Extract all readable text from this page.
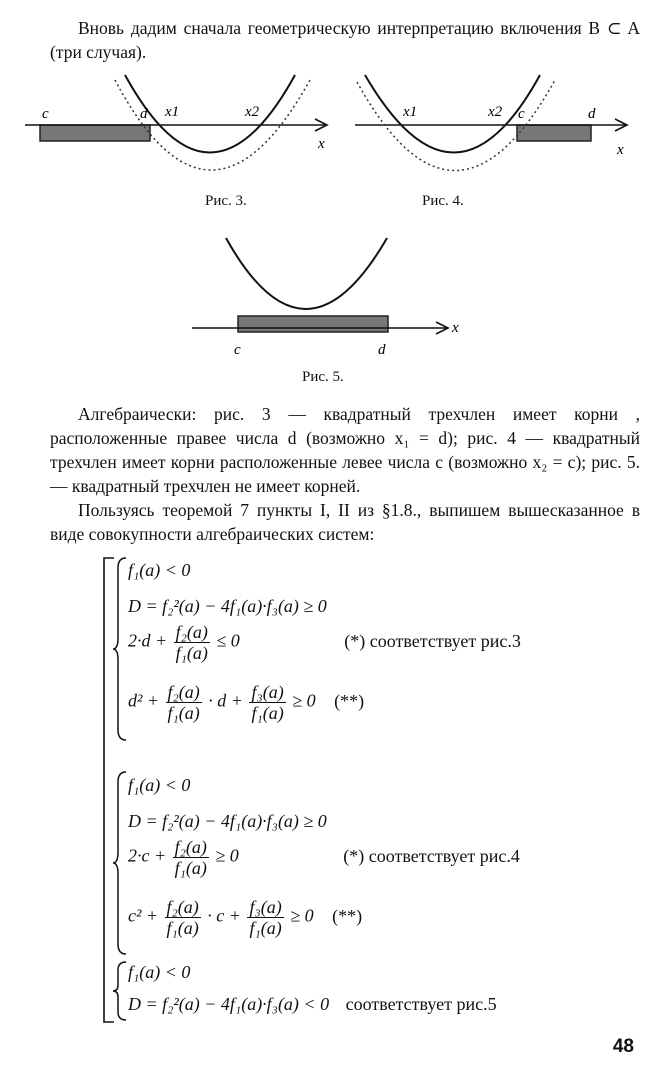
Вновь дадим сначала геометрическую интерпретацию включения B ⊂ A (три случая).

c	d x1	x2
x
Рис. 3.
x1	x2 c	d
x
Рис. 4.
c	d
x
Рис. 5.

Алгебраически: рис. 3 — квадратный трехчлен имеет корни , расположенные правее числа d (возможно x₁ = d); рис. 4 — квадратный трехчлен имеет корни расположенные левее числа c (возможно x₂ = c); рис. 5. — квадратный трехчлен не имеет корней.

Пользуясь теоремой 7 пункты I, II из §1.8., выпишем вышесказанное в виде совокупности алгебраических систем:

f₁(a) < 0
D = f₂²(a) − 4f₁(a)·f₃(a) ≥ 0
$2\cdot d + \frac{\text{f₂(a)}}{\text{f₁(a)}} \le 0$	(*) соответствует рис.3
$d^2 + \frac{\text{f₂(a)}}{\text{f₁(a)}} \cdot d + \frac{\text{f₃(a)}}{\text{f₁(a)}} \ge 0$ (**)
f₁(a) < 0
D = f₂²(a) − 4f₁(a)·f₃(a) ≥ 0
$2\cdot c + \frac{\text{f₂(a)}}{\text{f₁(a)}} \ge 0$	(*) соответствует рис.4
$c^2 + \frac{\text{f₂(a)}}{\text{f₁(a)}} \cdot c + \frac{\text{f₃(a)}}{\text{f₁(a)}} \ge 0$ (**)
f₁(a) < 0
D = f₂²(a) − 4f₁(a)·f₃(a) < 0 соответствует рис.5
48
